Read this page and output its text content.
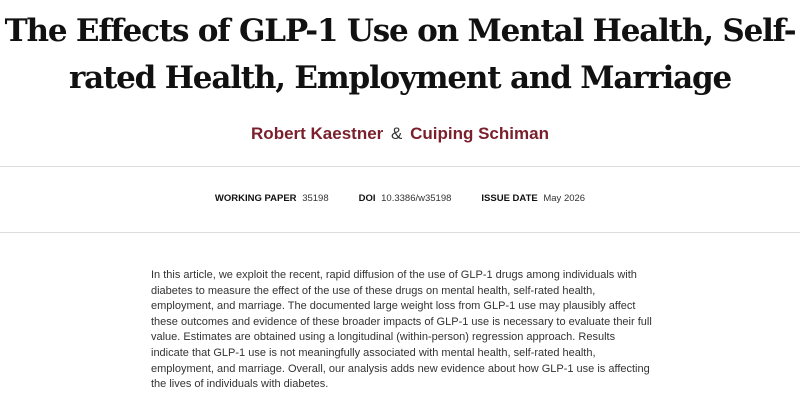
The Effects of GLP-1 Use on Mental Health, Self-rated Health, Employment and Marriage
Robert Kaestner & Cuiping Schiman
WORKING PAPER 35198	DOI 10.3386/w35198	ISSUE DATE May 2026

In this article, we exploit the recent, rapid diffusion of the use of GLP-1 drugs among individuals with diabetes to measure the effect of the use of these drugs on mental health, self-rated health, employment, and marriage. The documented large weight loss from GLP-1 use may plausibly affect these outcomes and evidence of these broader impacts of GLP-1 use is necessary to evaluate their full value. Estimates are obtained using a longitudinal (within-person) regression approach. Results indicate that GLP-1 use is not meaningfully associated with mental health, self-rated health, employment, and marriage. Overall, our analysis adds new evidence about how GLP-1 use is affecting the lives of individuals with diabetes.
